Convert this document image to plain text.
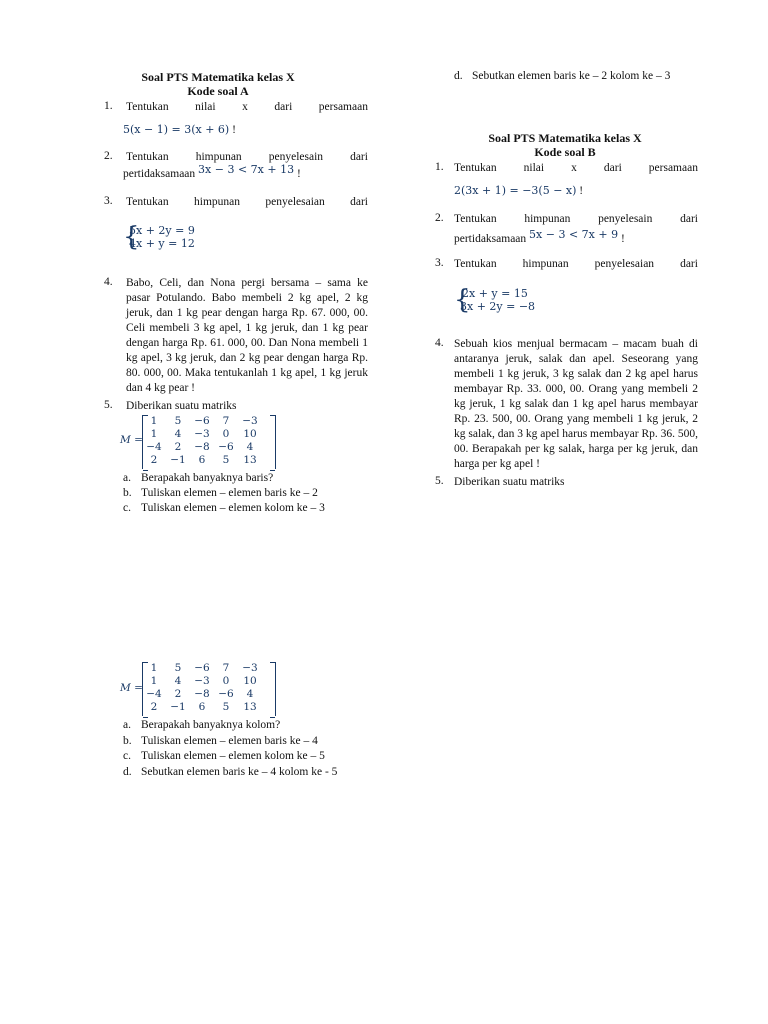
Soal PTS Matematika kelas X
Kode soal A
1. Tentukan nilai x dari persamaan
5(x − 1) = 3(x + 6) !
2. Tentukan himpunan penyelesain dari
pertidaksamaan 3x − 3 < 7x + 13 !
3. Tentukan himpunan penyelesaian dari
{
5x + 2y = 9
4x + y = 12
4. Babo, Celi, dan Nona pergi bersama – sama ke pasar Potulando. Babo membeli 2 kg apel, 2 kg jeruk, dan 1 kg pear dengan harga Rp. 67. 000, 00. Celi membeli 3 kg apel, 1 kg jeruk, dan 1 kg pear dengan harga Rp. 61. 000, 00. Dan Nona membeli 1 kg apel, 3 kg jeruk, dan 2 kg pear dengan harga Rp. 80. 000, 00. Maka tentukanlah 1 kg apel, 1 kg jeruk dan 4 kg pear !
5. Diberikan suatu matriks
M =
1	5	−6	7	−3
1	4	−3	0	10
−4	2	−8	−6	4
2	−1	6	5	13
a. Berapakah banyaknya baris?
b. Tuliskan elemen – elemen baris ke – 2
c. Tuliskan elemen – elemen kolom ke – 3
d. Sebutkan elemen baris ke – 2 kolom ke – 3
Soal PTS Matematika kelas X
Kode soal B
1. Tentukan nilai x dari persamaan
2(3x + 1) = −3(5 − x) !
2. Tentukan himpunan penyelesain dari
pertidaksamaan 5x − 3 < 7x + 9 !
3. Tentukan himpunan penyelesaian dari
{
2x + y = 15
3x + 2y = −8
4. Sebuah kios menjual bermacam – macam buah di antaranya jeruk, salak dan apel. Seseorang yang membeli 1 kg jeruk, 3 kg salak dan 2 kg apel harus membayar Rp. 33. 000, 00. Orang yang membeli 2 kg jeruk, 1 kg salak dan 1 kg apel harus membayar Rp. 23. 500, 00. Orang yang membeli 1 kg jeruk, 2 kg salak, dan 3 kg apel harus membayar Rp. 36. 500, 00. Berapakah per kg salak, harga per kg jeruk, dan harga per kg apel !
5. Diberikan suatu matriks
M =
1	5	−6	7	−3
1	4	−3	0	10
−4	2	−8	−6	4
2	−1	6	5	13
a. Berapakah banyaknya kolom?
b. Tuliskan elemen – elemen baris ke – 4
c. Tuliskan elemen – elemen kolom ke – 5
d. Sebutkan elemen baris ke – 4 kolom ke - 5
